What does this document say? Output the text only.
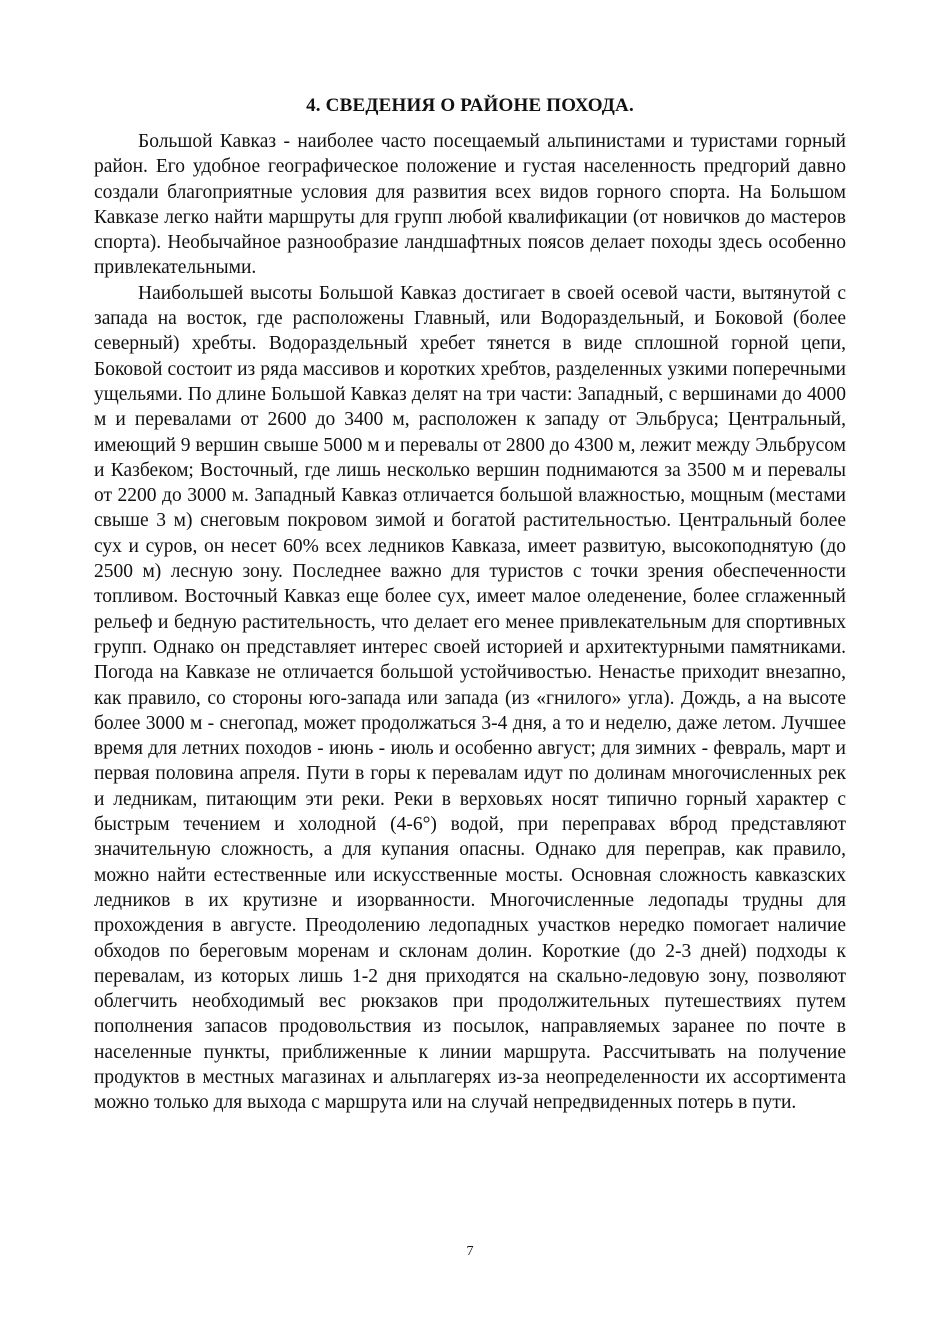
4. СВЕДЕНИЯ О РАЙОНЕ ПОХОДА.

Большой Кавказ - наиболее часто посещаемый альпинистами и туристами горный район. Его удобное географическое положение и густая населенность предгорий давно создали благоприятные условия для развития всех видов горного спорта. На Большом Кавказе легко найти маршруты для групп любой квалификации (от новичков до мастеров спорта). Необычайное разнообразие ландшафтных поясов делает походы здесь особенно привлекательными.

Наибольшей высоты Большой Кавказ достигает в своей осевой части, вытянутой с запада на восток, где расположены Главный, или Водораздельный, и Боковой (более северный) хребты. Водораздельный хребет тянется в виде сплошной горной цепи, Боковой состоит из ряда массивов и коротких хребтов, разделенных узкими поперечными ущельями. По длине Большой Кавказ делят на три части: Западный, с вершинами до 4000 м и перевалами от 2600 до 3400 м, расположен к западу от Эльбруса; Центральный, имеющий 9 вершин свыше 5000 м и перевалы от 2800 до 4300 м, лежит между Эльбрусом и Казбеком; Восточный, где лишь несколько вершин поднимаются за 3500 м и перевалы от 2200 до 3000 м. Западный Кавказ отличается большой влажностью, мощным (местами свыше 3 м) снеговым покровом зимой и богатой растительностью. Центральный более сух и суров, он несет 60% всех ледников Кавказа, имеет развитую, высокоподнятую (до 2500 м) лесную зону. Последнее важно для туристов с точки зрения обеспеченности топливом. Восточный Кавказ еще более сух, имеет малое оледенение, более сглаженный рельеф и бедную растительность, что делает его менее привлекательным для спортивных групп. Однако он представляет интерес своей историей и архитектурными памятниками. Погода на Кавказе не отличается большой устойчивостью. Ненастье приходит внезапно, как правило, со стороны юго-запада или запада (из «гнилого» угла). Дождь, а на высоте более 3000 м - снегопад, может продолжаться 3-4 дня, а то и неделю, даже летом. Лучшее время для летних походов - июнь - июль и особенно август; для зимних - февраль, март и первая половина апреля. Пути в горы к перевалам идут по долинам многочисленных рек и ледникам, питающим эти реки. Реки в верховьях носят типично горный характер с быстрым течением и холодной (4-6°) водой, при переправах вброд представляют значительную сложность, а для купания опасны. Однако для переправ, как правило, можно найти естественные или искусственные мосты. Основная сложность кавказских ледников в их крутизне и изорванности. Многочисленные ледопады трудны для прохождения в августе. Преодолению ледопадных участков нередко помогает наличие обходов по береговым моренам и склонам долин. Короткие (до 2-3 дней) подходы к перевалам, из которых лишь 1-2 дня приходятся на скально-ледовую зону, позволяют облегчить необходимый вес рюкзаков при продолжительных путешествиях путем пополнения запасов продовольствия из посылок, направляемых заранее по почте в населенные пункты, приближенные к линии маршрута. Рассчитывать на получение продуктов в местных магазинах и альплагерях из-за неопределенности их ассортимента можно только для выхода с маршрута или на случай непредвиденных потерь в пути.

7
